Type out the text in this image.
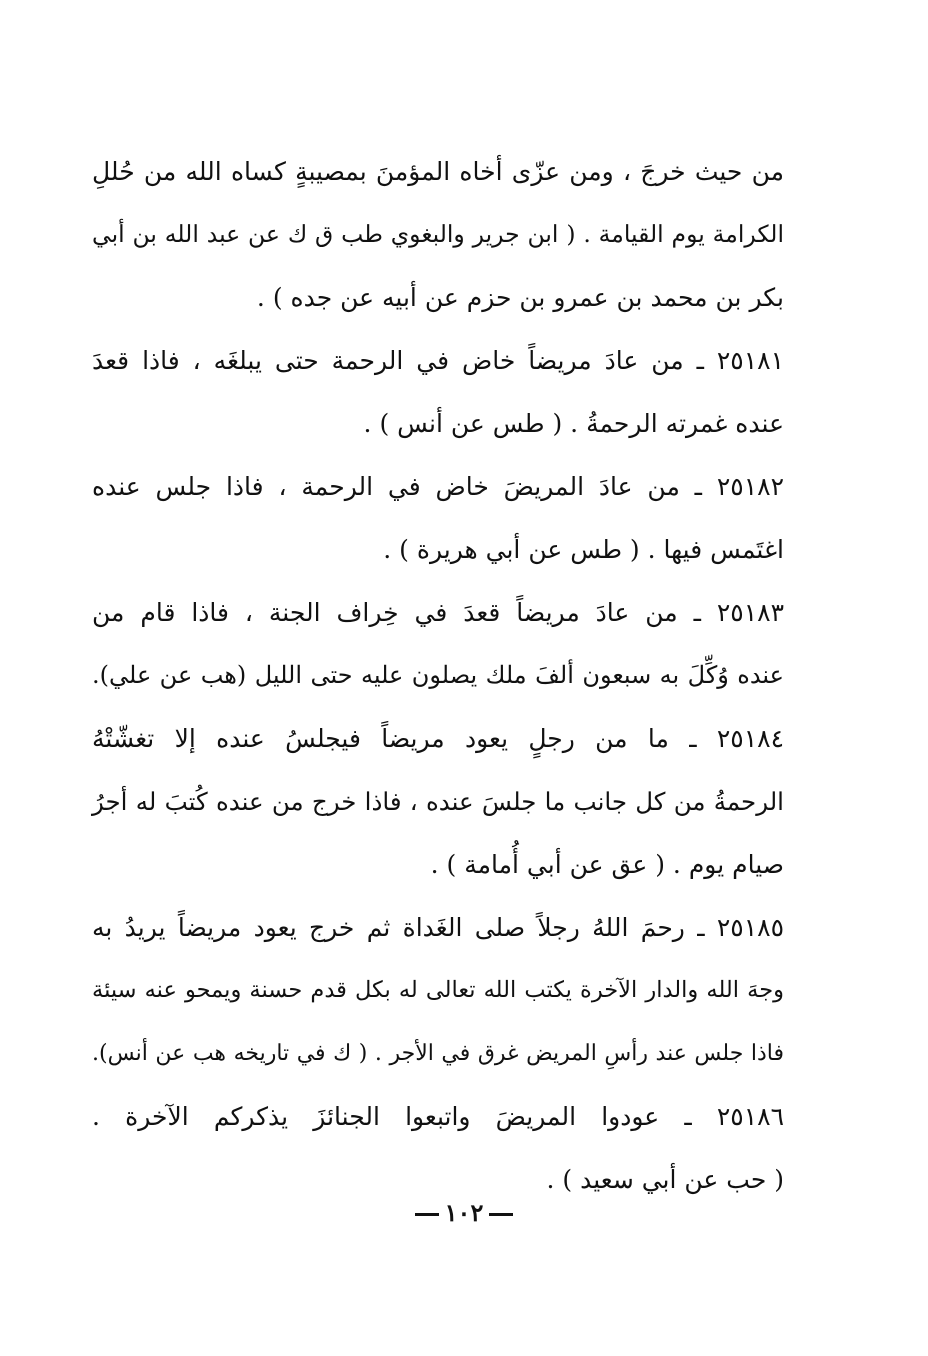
من حيث خرجَ ، ومن عزّى أخاه المؤمنَ بمصيبةٍ كساه الله من حُللِ
الكرامة يوم القيامة . ( ابن جرير والبغوي طب ق ك عن عبد الله بن أبي
بكر بن محمد بن عمرو بن حزم عن أبيه عن جده ) .
٢٥١٨١ ـ من عادَ مريضاً خاض في الرحمة حتى يبلغَه ، فاذا قعدَ
عنده غمرته الرحمةُ . ( طس عن أنس ) .
٢٥١٨٢ ـ من عادَ المريضَ خاض في الرحمة ، فاذا جلس عنده
اغتَمس فيها . ( طس عن أبي هريرة ) .
٢٥١٨٣ ـ من عادَ مريضاً قعدَ في خِراف الجنة ، فاذا قام من
عنده وُكِّلَ به سبعون ألفَ ملك يصلون عليه حتى الليل (هب عن علي).
٢٥١٨٤ ـ ما من رجلٍ يعود مريضاً فيجلسُ عنده إلا تغشّتْهُ
الرحمةُ من كل جانب ما جلسَ عنده ، فاذا خرج من عنده كُتبَ له أجرُ
صيام يوم . ( عق عن أبي أُمامة ) .
٢٥١٨٥ ـ رحمَ اللهُ رجلاً صلى الغَداة ثم خرج يعود مريضاً يريدُ به
وجهَ الله والدار الآخرة يكتب الله تعالى له بكل قدم حسنة ويمحو عنه سيئة
فاذا جلس عند رأسِ المريض غرق في الأجر . ( ك في تاريخه هب عن أنس).
٢٥١٨٦ ـ عودوا المريضَ واتبعوا الجنائزَ يذكركم الآخرة .
( حب عن أبي سعيد ) .
١٠٢
